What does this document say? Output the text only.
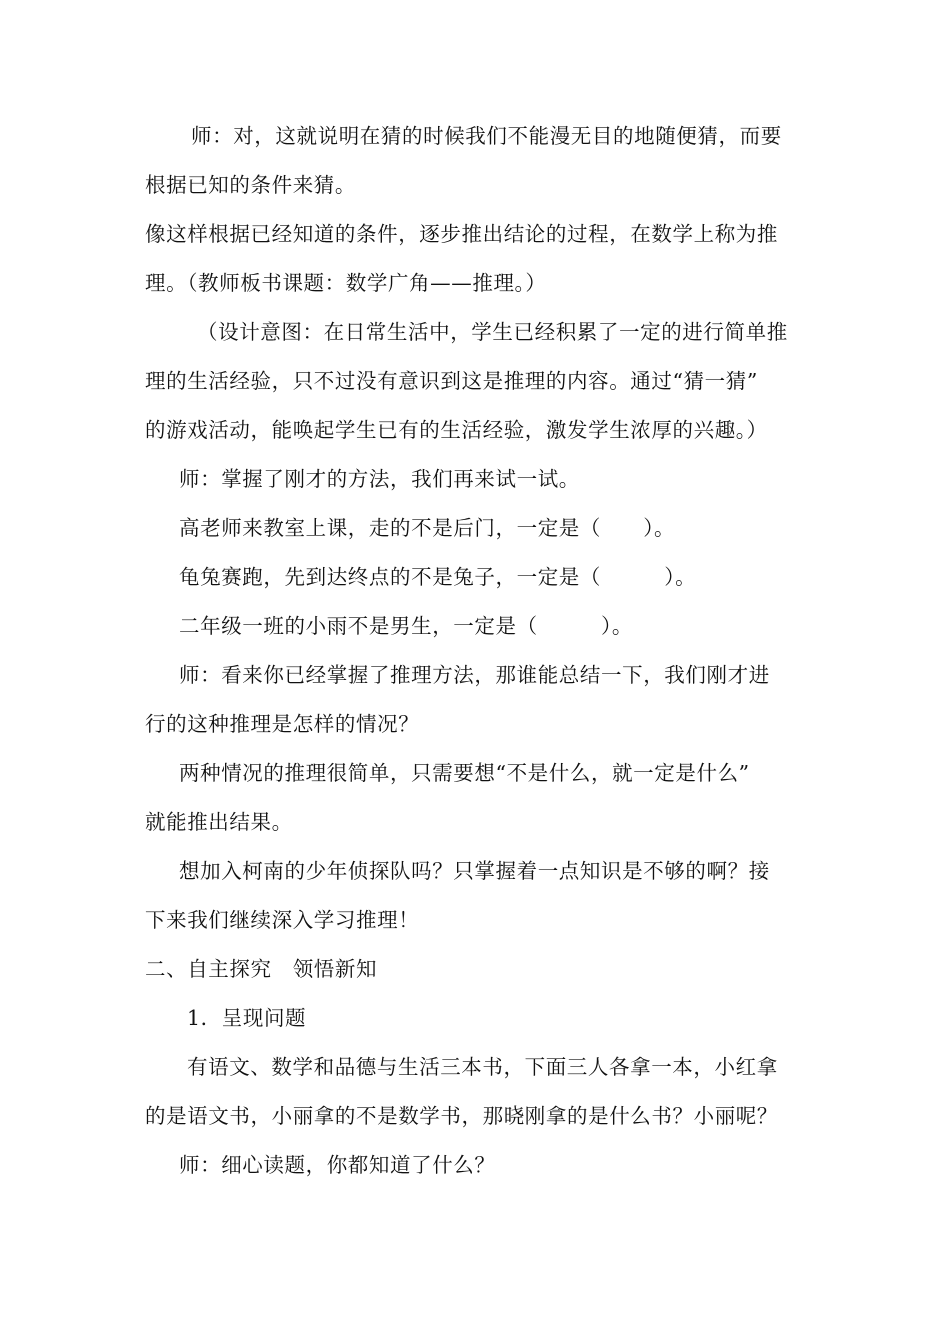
师：对，这就说明在猜的时候我们不能漫无目的地随便猜，而要
根据已知的条件来猜。
像这样根据已经知道的条件，逐步推出结论的过程，在数学上称为推
理。（教师板书课题：数学广角——推理。）
（设计意图：在日常生活中，学生已经积累了一定的进行简单推
理的生活经验，只不过没有意识到这是推理的内容。通过“猜一猜”
的游戏活动，能唤起学生已有的生活经验，激发学生浓厚的兴趣。）
师：掌握了刚才的方法，我们再来试一试。
高老师来教室上课，走的不是后门，一定是（　　）。
龟兔赛跑，先到达终点的不是兔子，一定是（　　　）。
二年级一班的小雨不是男生，一定是（　　　）。
师：看来你已经掌握了推理方法，那谁能总结一下，我们刚才进
行的这种推理是怎样的情况？
两种情况的推理很简单，只需要想“不是什么，就一定是什么”
就能推出结果。
想加入柯南的少年侦探队吗？只掌握着一点知识是不够的啊？接
下来我们继续深入学习推理！
二、自主探究　领悟新知
1．呈现问题
有语文、数学和品德与生活三本书，下面三人各拿一本，小红拿
的是语文书，小丽拿的不是数学书，那晓刚拿的是什么书？小丽呢？
师：细心读题，你都知道了什么？
